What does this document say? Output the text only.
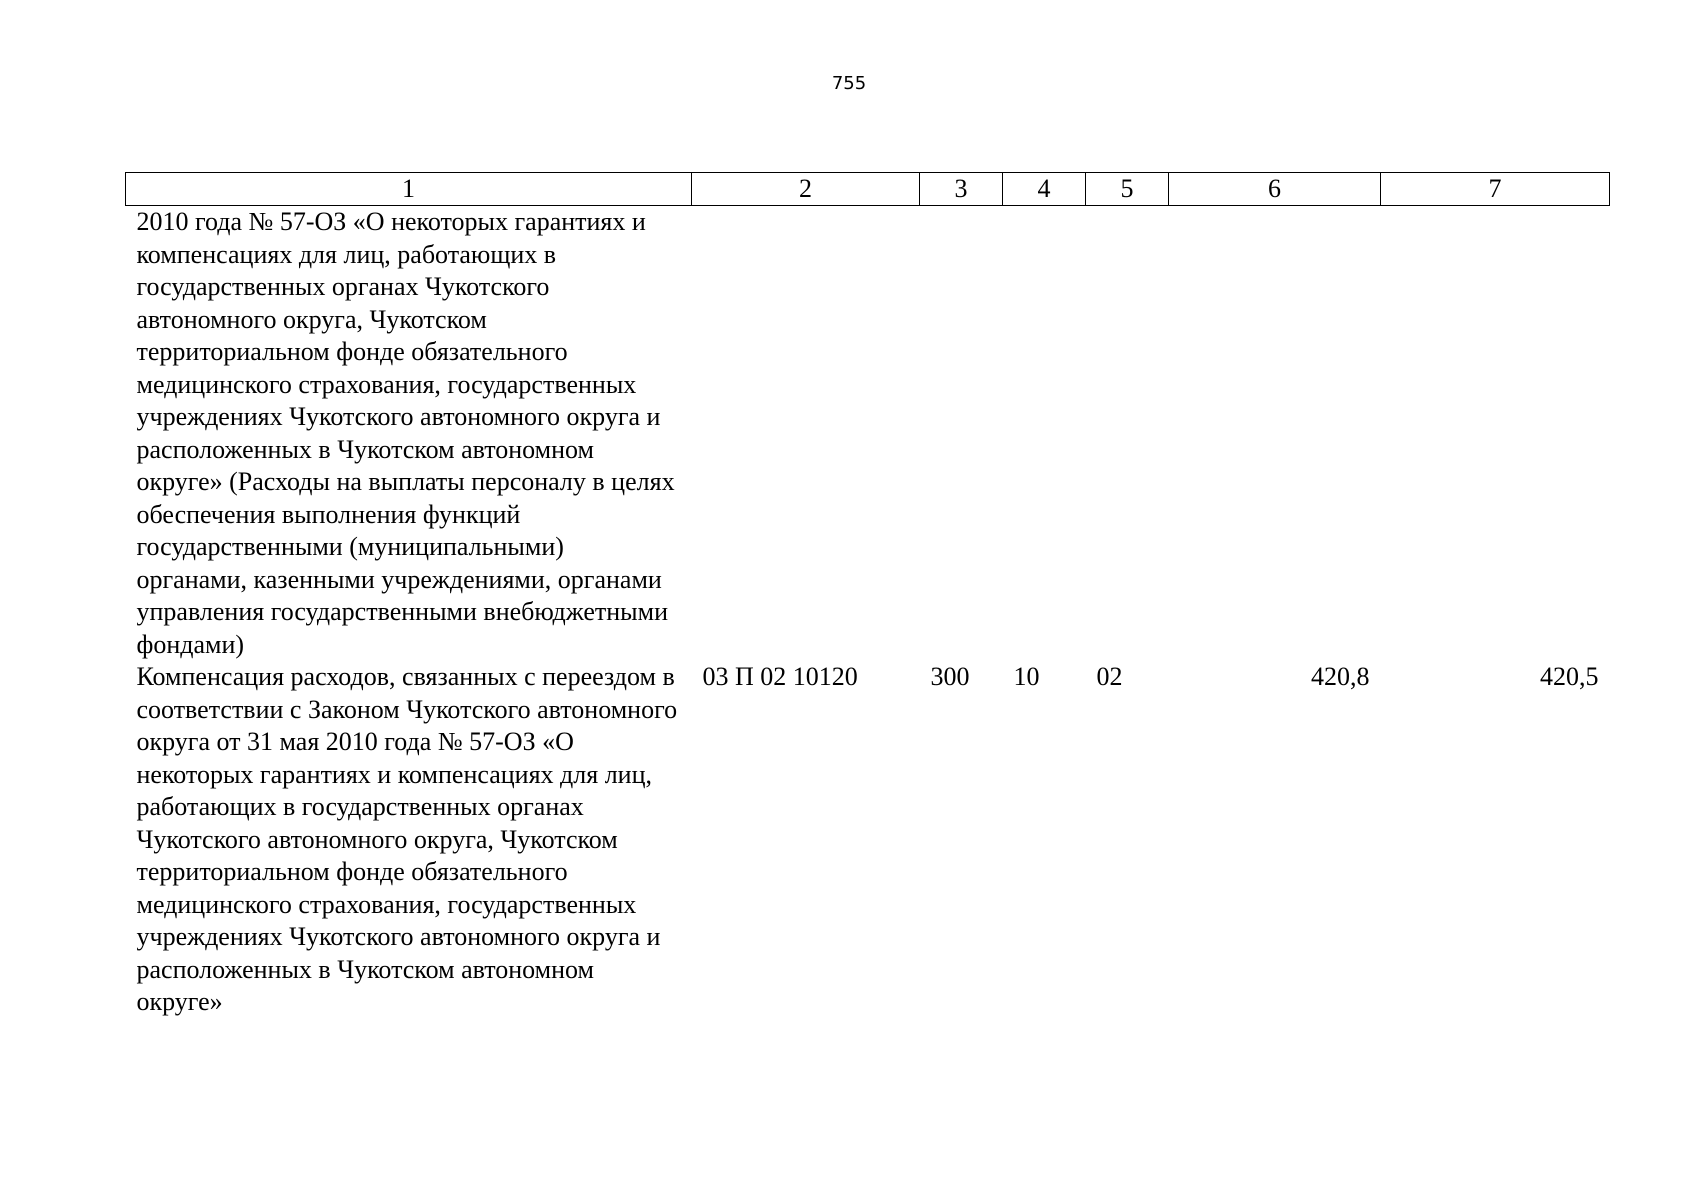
755
1	2	3	4	5	6	7
2010 года № 57-ОЗ «О некоторых гарантиях и компенсациях для лиц, работающих в государственных органах Чукотского автономного округа, Чукотском территориальном фонде обязательного медицинского страхования, государственных учреждениях Чукотского автономного округа и расположенных в Чукотском автономном округе» (Расходы на выплаты персоналу в целях обеспечения выполнения функций государственными (муниципальными) органами, казенными учреждениями, органами управления государственными внебюджетными фондами)						
Компенсация расходов, связанных с переездом в соответствии с Законом Чукотского автономного округа от 31 мая 2010 года № 57-ОЗ «О некоторых гарантиях и компенсациях для лиц, работающих в государственных органах Чукотского автономного округа, Чукотском территориальном фонде обязательного медицинского страхования, государственных учреждениях Чукотского автономного округа и расположенных в Чукотском автономном округе»	03 П 02 10120	300	10	02	420,8	420,5
